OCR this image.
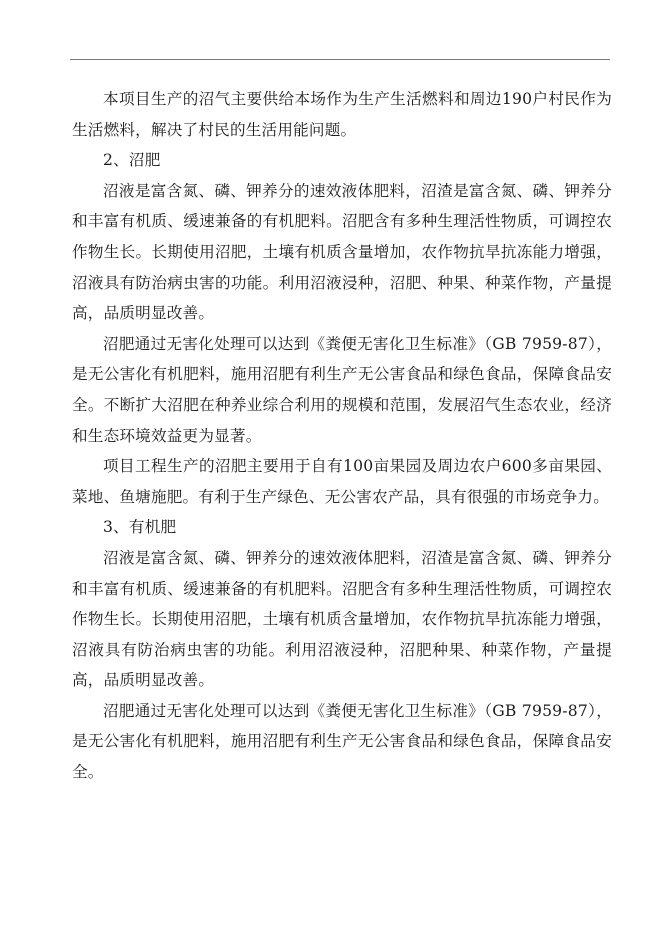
本项目生产的沼气主要供给本场作为生产生活燃料和周边190户村民作为生活燃料，解决了村民的生活用能问题。

2、沼肥

沼液是富含氮、磷、钾养分的速效液体肥料，沼渣是富含氮、磷、钾养分和丰富有机质、缓速兼备的有机肥料。沼肥含有多种生理活性物质，可调控农作物生长。长期使用沼肥，土壤有机质含量增加，农作物抗旱抗冻能力增强，沼液具有防治病虫害的功能。利用沼液浸种，沼肥、种果、种菜作物，产量提高，品质明显改善。

沼肥通过无害化处理可以达到《粪便无害化卫生标准》（GB 7959-87），是无公害化有机肥料，施用沼肥有利生产无公害食品和绿色食品，保障食品安全。不断扩大沼肥在种养业综合利用的规模和范围，发展沼气生态农业，经济和生态环境效益更为显著。

项目工程生产的沼肥主要用于自有100亩果园及周边农户600多亩果园、菜地、鱼塘施肥。有利于生产绿色、无公害农产品，具有很强的市场竞争力。

3、有机肥

沼液是富含氮、磷、钾养分的速效液体肥料，沼渣是富含氮、磷、钾养分和丰富有机质、缓速兼备的有机肥料。沼肥含有多种生理活性物质，可调控农作物生长。长期使用沼肥，土壤有机质含量增加，农作物抗旱抗冻能力增强，沼液具有防治病虫害的功能。利用沼液浸种，沼肥种果、种菜作物，产量提高，品质明显改善。

沼肥通过无害化处理可以达到《粪便无害化卫生标准》（GB 7959-87），是无公害化有机肥料，施用沼肥有利生产无公害食品和绿色食品，保障食品安全。
